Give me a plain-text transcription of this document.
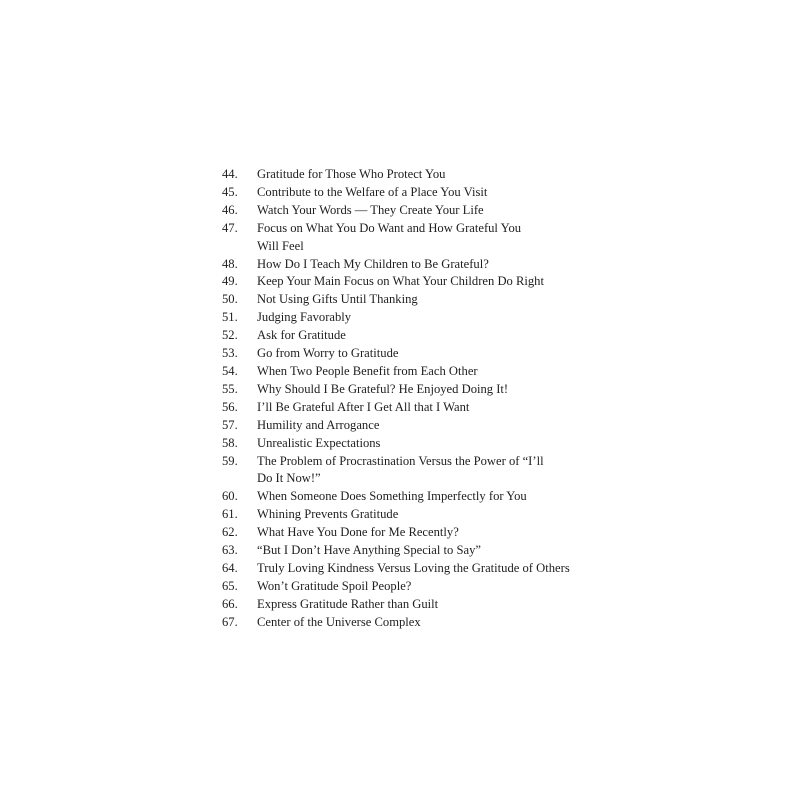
44.	Gratitude for Those Who Protect You
45.	Contribute to the Welfare of a Place You Visit
46.	Watch Your Words — They Create Your Life
47.	Focus on What You Do Want and How Grateful You
Will Feel
48.	How Do I Teach My Children to Be Grateful?
49.	Keep Your Main Focus on What Your Children Do Right
50.	Not Using Gifts Until Thanking
51.	Judging Favorably
52.	Ask for Gratitude
53.	Go from Worry to Gratitude
54.	When Two People Benefit from Each Other
55.	Why Should I Be Grateful? He Enjoyed Doing It!
56.	I’ll Be Grateful After I Get All that I Want
57.	Humility and Arrogance
58.	Unrealistic Expectations
59.	The Problem of Procrastination Versus the Power of “I’ll
Do It Now!”
60.	When Someone Does Something Imperfectly for You
61.	Whining Prevents Gratitude
62.	What Have You Done for Me Recently?
63.	“But I Don’t Have Anything Special to Say”
64.	Truly Loving Kindness Versus Loving the Gratitude of Others
65.	Won’t Gratitude Spoil People?
66.	Express Gratitude Rather than Guilt
67.	Center of the Universe Complex
